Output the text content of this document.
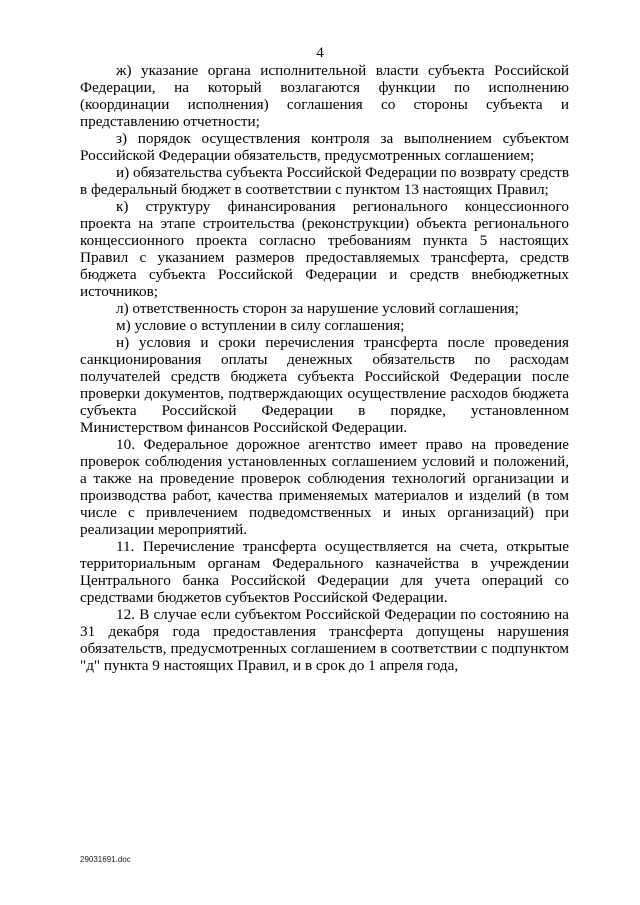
4

ж) указание органа исполнительной власти субъекта Российской Федерации, на который возлагаются функции по исполнению (координации исполнения) соглашения со стороны субъекта и представлению отчетности;

з) порядок осуществления контроля за выполнением субъектом Российской Федерации обязательств, предусмотренных соглашением;

и) обязательства субъекта Российской Федерации по возврату средств в федеральный бюджет в соответствии с пунктом 13 настоящих Правил;

к) структуру финансирования регионального концессионного проекта на этапе строительства (реконструкции) объекта регионального концессионного проекта согласно требованиям пункта 5 настоящих Правил с указанием размеров предоставляемых трансферта, средств бюджета субъекта Российской Федерации и средств внебюджетных источников;

л) ответственность сторон за нарушение условий соглашения;

м) условие о вступлении в силу соглашения;

н) условия и сроки перечисления трансферта после проведения санкционирования оплаты денежных обязательств по расходам получателей средств бюджета субъекта Российской Федерации после проверки документов, подтверждающих осуществление расходов бюджета субъекта Российской Федерации в порядке, установленном Министерством финансов Российской Федерации.

10. Федеральное дорожное агентство имеет право на проведение проверок соблюдения установленных соглашением условий и положений, а также на проведение проверок соблюдения технологий организации и производства работ, качества применяемых материалов и изделий (в том числе с привлечением подведомственных и иных организаций) при реализации мероприятий.

11. Перечисление трансферта осуществляется на счета, открытые территориальным органам Федерального казначейства в учреждении Центрального банка Российской Федерации для учета операций со средствами бюджетов субъектов Российской Федерации.

12. В случае если субъектом Российской Федерации по состоянию на 31 декабря года предоставления трансферта допущены нарушения обязательств, предусмотренных соглашением в соответствии с подпунктом "д" пункта 9 настоящих Правил, и в срок до 1 апреля года,

29031691.doc
